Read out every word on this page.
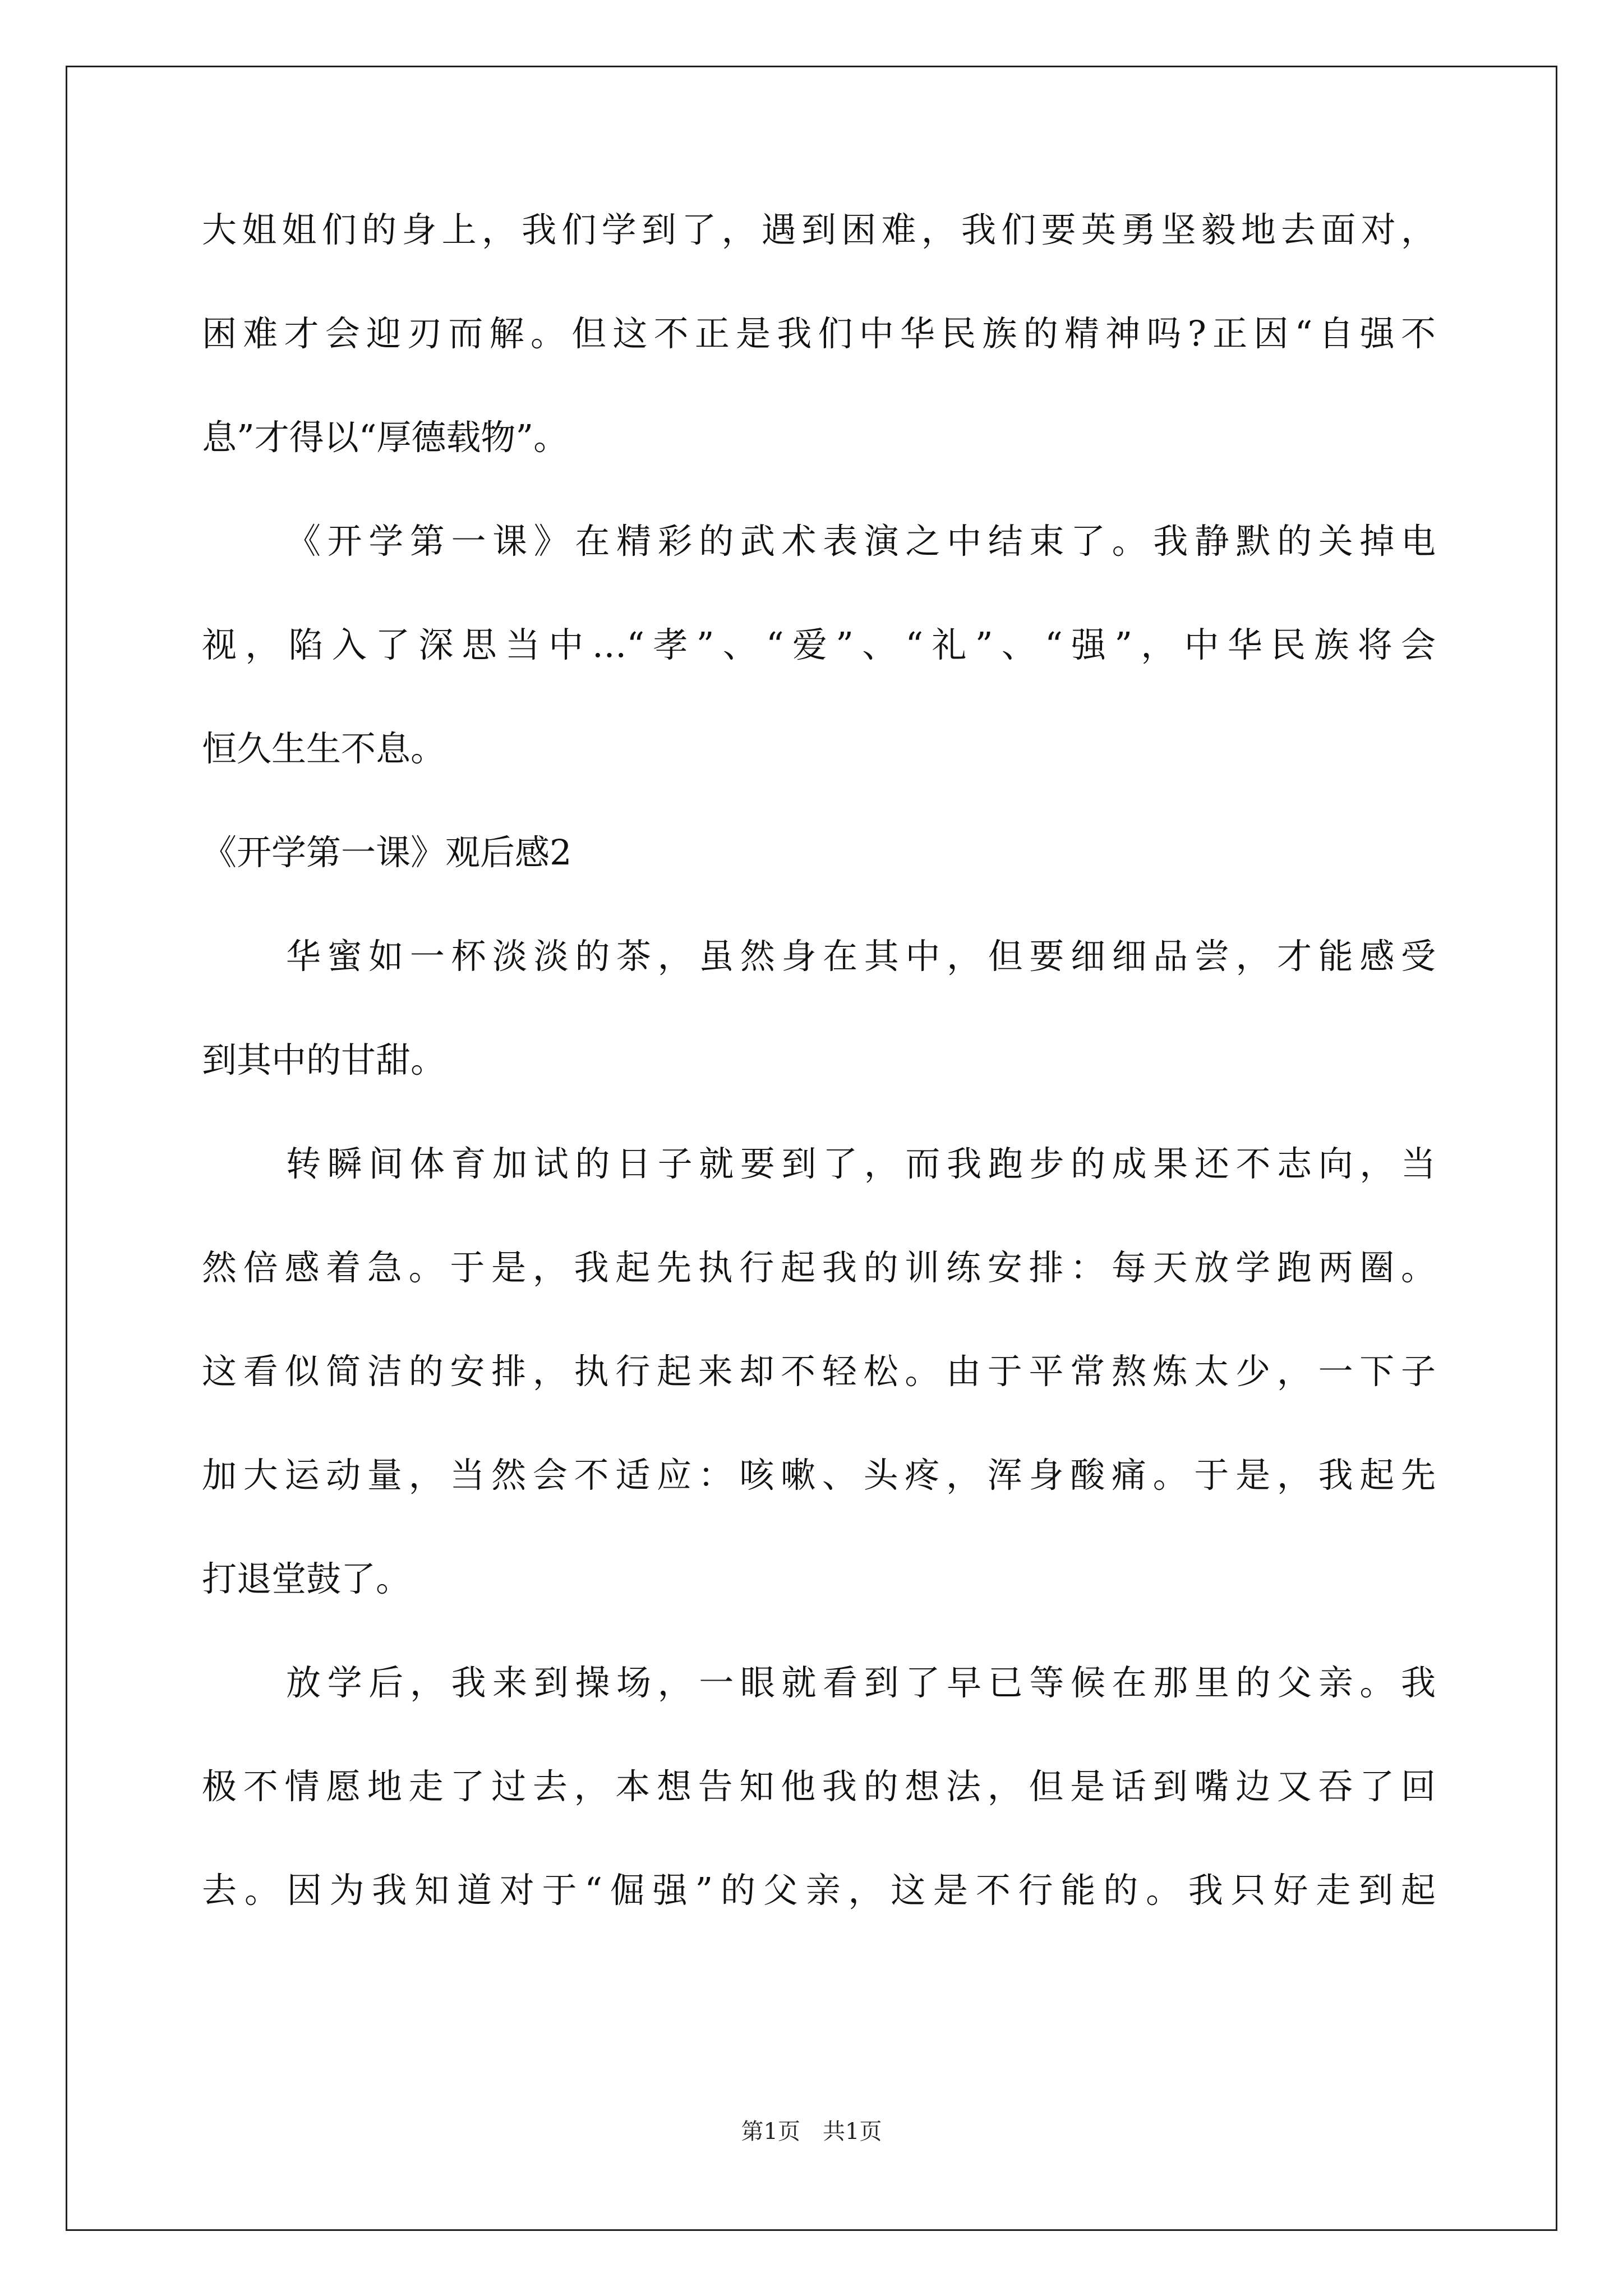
大姐姐们的身上，我们学到了，遇到困难，我们要英勇坚毅地去面对，
困难才会迎刃而解。但这不正是我们中华民族的精神吗?正因“自强不
息”才得以“厚德载物”。
《开学第一课》在精彩的武术表演之中结束了。我静默的关掉电
视，陷入了深思当中…“孝”、“爱”、“礼”、“强”，中华民族将会
恒久生生不息。
《开学第一课》观后感2
华蜜如一杯淡淡的茶，虽然身在其中，但要细细品尝，才能感受
到其中的甘甜。
转瞬间体育加试的日子就要到了，而我跑步的成果还不志向，当
然倍感着急。于是，我起先执行起我的训练安排：每天放学跑两圈。
这看似简洁的安排，执行起来却不轻松。由于平常熬炼太少，一下子
加大运动量，当然会不适应：咳嗽、头疼，浑身酸痛。于是，我起先
打退堂鼓了。
放学后，我来到操场，一眼就看到了早已等候在那里的父亲。我
极不情愿地走了过去，本想告知他我的想法，但是话到嘴边又吞了回
去。因为我知道对于“倔强”的父亲，这是不行能的。我只好走到起
第1页　共1页
